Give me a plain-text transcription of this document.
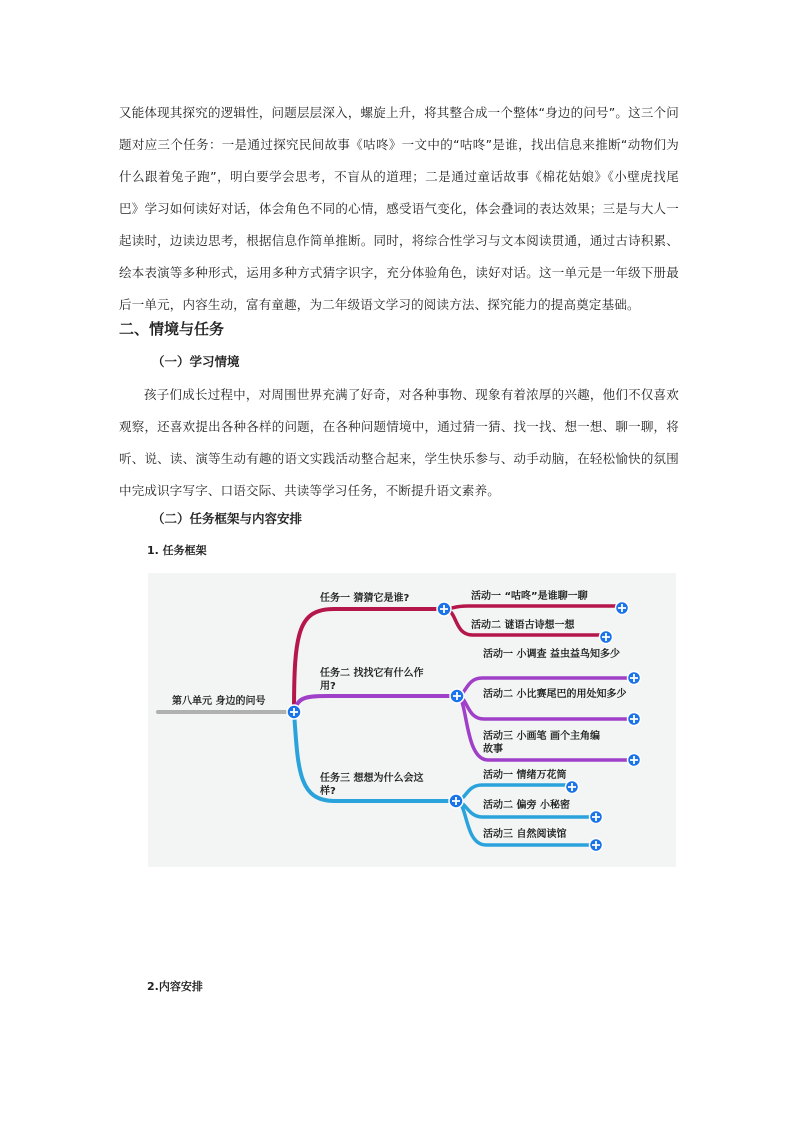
又能体现其探究的逻辑性，问题层层深入，螺旋上升，将其整合成一个整体“身边的问号”。这三个问题对应三个任务：一是通过探究民间故事《咕咚》一文中的“咕咚”是谁，找出信息来推断“动物们为什么跟着兔子跑”，明白要学会思考，不盲从的道理；二是通过童话故事《棉花姑娘》《小壁虎找尾巴》学习如何读好对话，体会角色不同的心情，感受语气变化，体会叠词的表达效果；三是与大人一起读时，边读边思考，根据信息作简单推断。同时，将综合性学习与文本阅读贯通，通过古诗积累、绘本表演等多种形式，运用多种方式猜字识字，充分体验角色，读好对话。这一单元是一年级下册最后一单元，内容生动，富有童趣，为二年级语文学习的阅读方法、探究能力的提高奠定基础。

二、情境与任务
（一）学习情境

孩子们成长过程中，对周围世界充满了好奇，对各种事物、现象有着浓厚的兴趣，他们不仅喜欢观察，还喜欢提出各种各样的问题，在各种问题情境中，通过猜一猜、找一找、想一想、聊一聊，将听、说、读、演等生动有趣的语文实践活动整合起来，学生快乐参与、动手动脑，在轻松愉快的氛围中完成识字写字、口语交际、共读等学习任务，不断提升语文素养。

（二）任务框架与内容安排
1. 任务框架
第八单元 身边的问号
任务一 猜猜它是谁?	活动一 “咕咚”是谁聊一聊
活动二 谜语古诗想一想
任务二 找找它有什么作
用?
活动一 小调查 益虫益鸟知多少
活动二 小比赛尾巴的用处知多少
活动三 小画笔 画个主角编
故事
任务三 想想为什么会这
样?
活动一 情绪万花筒
活动二 偏旁 小秘密
活动三 自然阅读馆
2.内容安排
